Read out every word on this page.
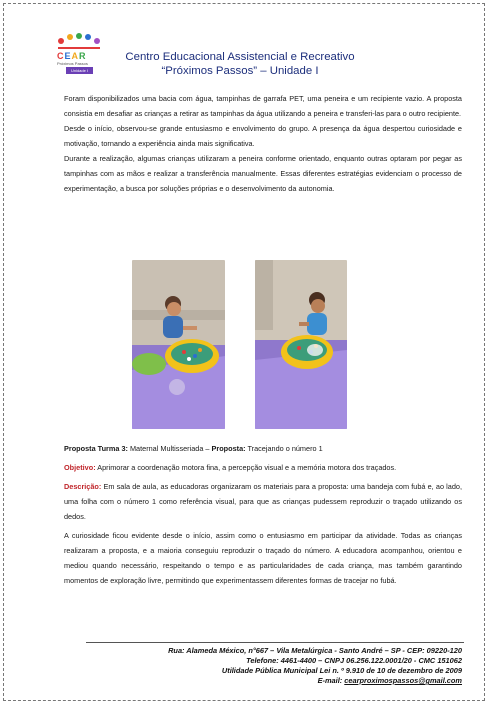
CEAR
Próximos Passos
Unidade I
Centro Educacional Assistencial e Recreativo
“Próximos Passos” – Unidade I

Foram disponibilizados uma bacia com água, tampinhas de garrafa PET, uma peneira e um recipiente vazio. A proposta consistia em desafiar as crianças a retirar as tampinhas da água utilizando a peneira e transferi-las para o outro recipiente.

Desde o início, observou-se grande entusiasmo e envolvimento do grupo. A presença da água despertou curiosidade e motivação, tornando a experiência ainda mais significativa.

Durante a realização, algumas crianças utilizaram a peneira conforme orientado, enquanto outras optaram por pegar as tampinhas com as mãos e realizar a transferência manualmente. Essas diferentes estratégias evidenciam o processo de experimentação, a busca por soluções próprias e o desenvolvimento da autonomia.

Proposta Turma 3: Maternal Multisseriada – Proposta: Tracejando o número 1

Objetivo: Aprimorar a coordenação motora fina, a percepção visual e a memória motora dos traçados.

Descrição: Em sala de aula, as educadoras organizaram os materiais para a proposta: uma bandeja com fubá e, ao lado, uma folha com o número 1 como referência visual, para que as crianças pudessem reproduzir o traçado utilizando os dedos.

A curiosidade ficou evidente desde o início, assim como o entusiasmo em participar da atividade. Todas as crianças realizaram a proposta, e a maioria conseguiu reproduzir o traçado do número. A educadora acompanhou, orientou e mediou quando necessário, respeitando o tempo e as particularidades de cada criança, mas também garantindo momentos de exploração livre, permitindo que experimentassem diferentes formas de tracejar no fubá.

Rua: Alameda México, n°667 – Vila Metalúrgica - Santo André – SP - CEP: 09220-120
Telefone: 4461-4400 – CNPJ 06.256.122.0001/20 - CMC 151062
Utilidade Pública Municipal Lei n. º 9.910 de 10 de dezembro de 2009
E-mail: cearproximospassos@gmail.com
